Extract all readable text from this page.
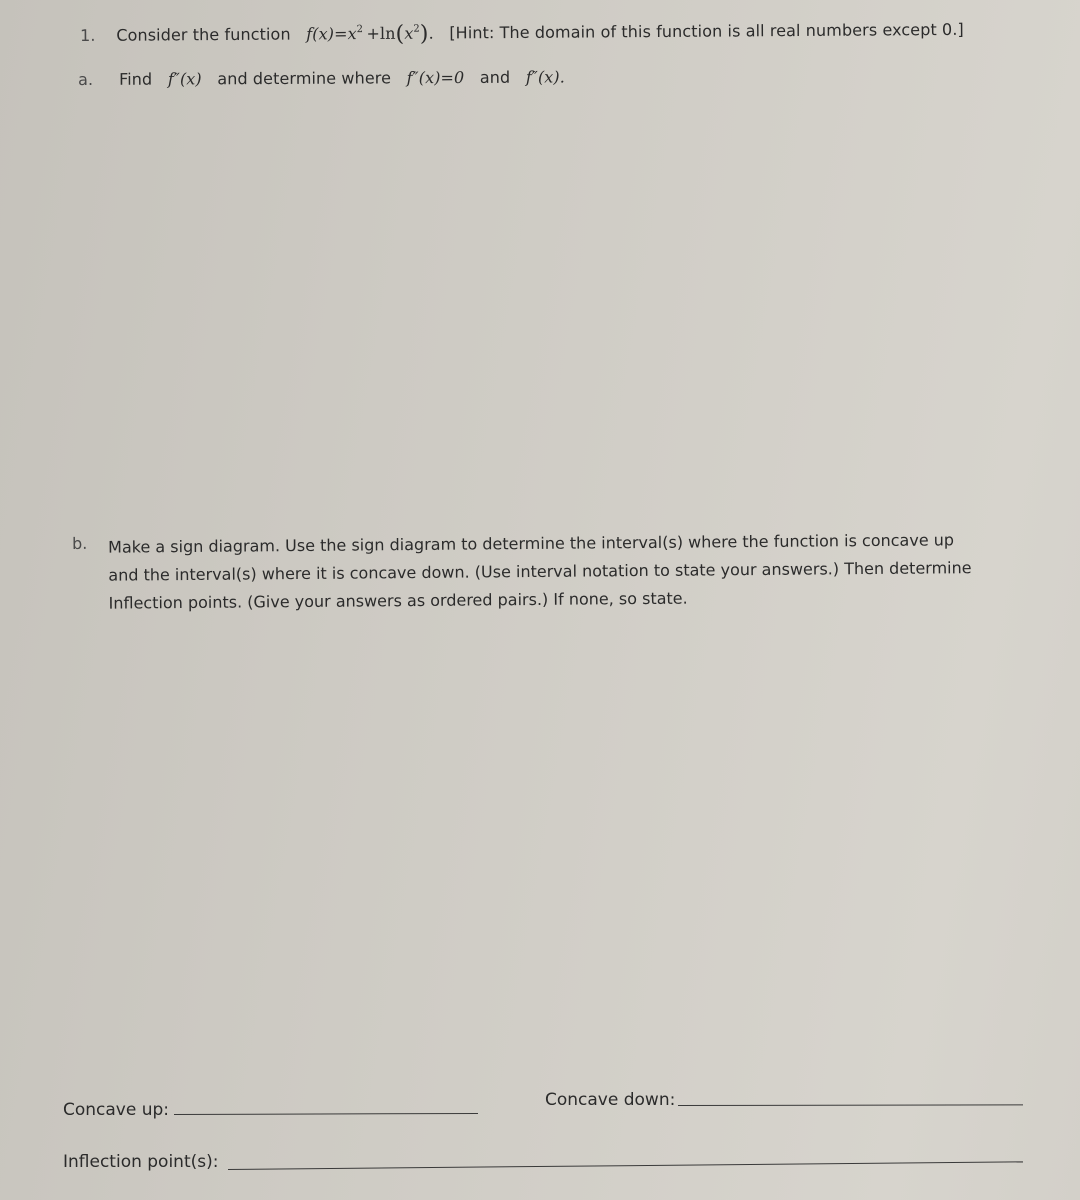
1. Consider the function $f(x)=x^2 +\ln(x^2)$. [Hint: The domain of this function is all real numbers except 0.]
a. Find f″(x) and determine where f″(x)=0 and f″(x).
b. Make a sign diagram. Use the sign diagram to determine the interval(s) where the function is concave up
and the interval(s) where it is concave down. (Use interval notation to state your answers.) Then determine
Inflection points. (Give your answers as ordered pairs.) If none, so state.
Concave up:	Concave down:
Inflection point(s):
